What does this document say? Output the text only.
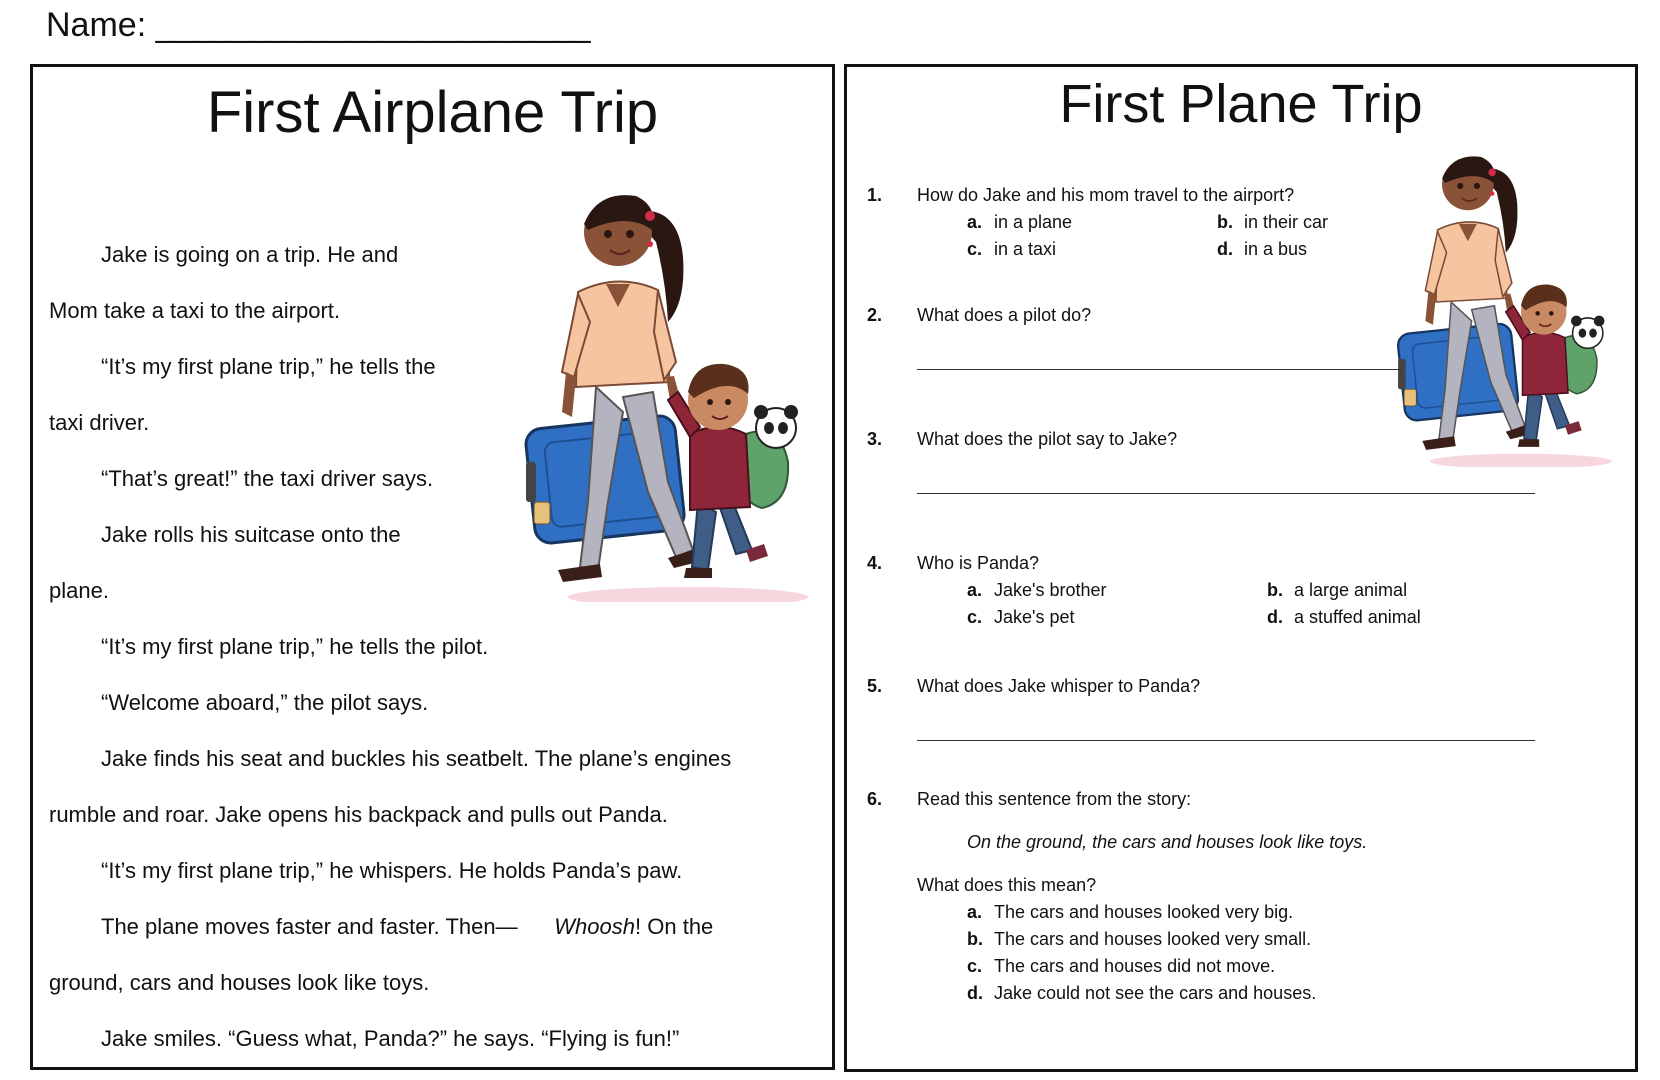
Name: _______________________
First Airplane Trip
Jake is going on a trip. He and
Mom take a taxi to the airport.
“It’s my first plane trip,” he tells the
taxi driver.
“That’s great!” the taxi driver says.
Jake rolls his suitcase onto the
plane.
“It’s my first plane trip,” he tells the pilot.
“Welcome aboard,” the pilot says.
Jake finds his seat and buckles his seatbelt. The plane’s engines
rumble and roar. Jake opens his backpack and pulls out Panda.
“It’s my first plane trip,” he whispers. He holds Panda’s paw.
The plane moves faster and faster. Then— Whoosh! On the
ground, cars and houses look like toys.
Jake smiles. “Guess what, Panda?” he says. “Flying is fun!”
First Plane Trip
1. How do Jake and his mom travel to the airport?
a. in a plane	b. in their car
c. in a taxi	d. in a bus
2. What does a pilot do?
3. What does the pilot say to Jake?
4. Who is Panda?
a. Jake's brother	b. a large animal
c. Jake's pet	d. a stuffed animal
5. What does Jake whisper to Panda?
6. Read this sentence from the story:
On the ground, the cars and houses look like toys.
What does this mean?
a. The cars and houses looked very big.
b. The cars and houses looked very small.
c. The cars and houses did not move.
d. Jake could not see the cars and houses.
